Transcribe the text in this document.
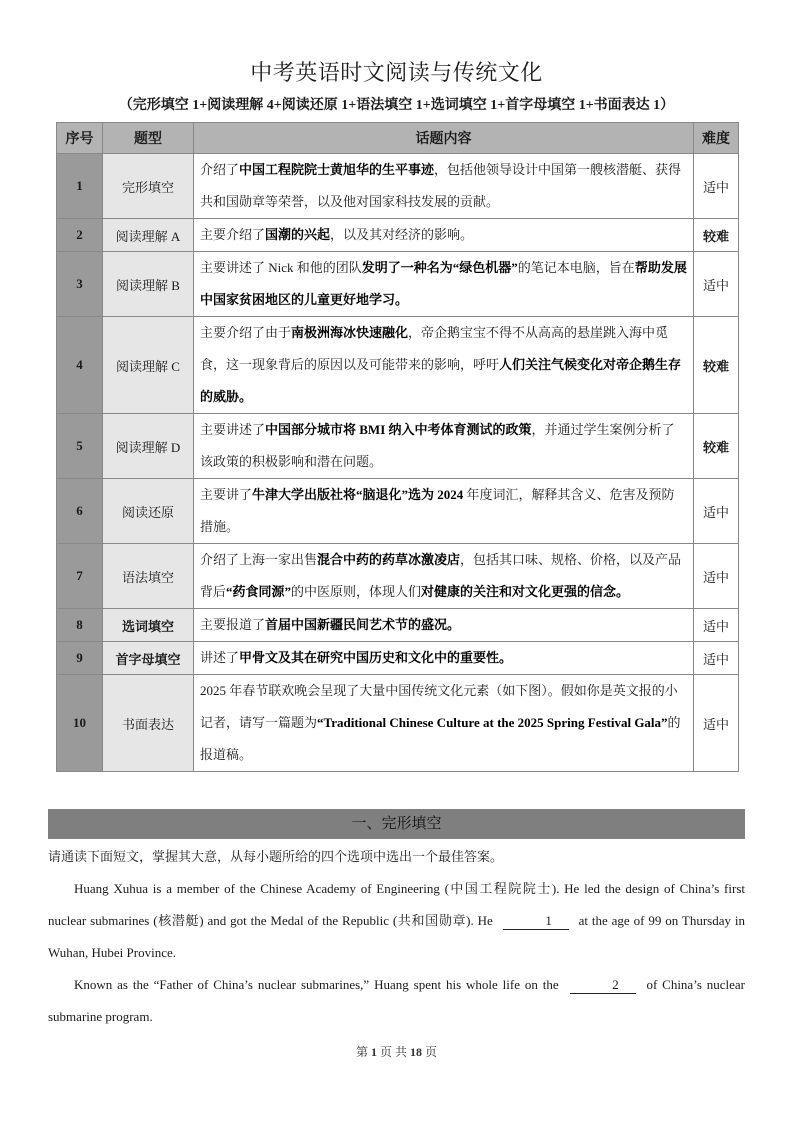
中考英语时文阅读与传统文化
（完形填空 1+阅读理解 4+阅读还原 1+语法填空 1+选词填空 1+首字母填空 1+书面表达 1）
序号	题型	话题内容	难度
1	完形填空	介绍了中国工程院院士黄旭华的生平事迹，包括他领导设计中国第一艘核潜艇、获得共和国勋章等荣誉，以及他对国家科技发展的贡献。	适中
2	阅读理解 A	主要介绍了国潮的兴起，以及其对经济的影响。	较难
3	阅读理解 B	主要讲述了 Nick 和他的团队发明了一种名为“绿色机器”的笔记本电脑，旨在帮助发展中国家贫困地区的儿童更好地学习。	适中
4	阅读理解 C	主要介绍了由于南极洲海冰快速融化，帝企鹅宝宝不得不从高高的悬崖跳入海中觅食，这一现象背后的原因以及可能带来的影响，呼吁人们关注气候变化对帝企鹅生存的威胁。	较难
5	阅读理解 D	主要讲述了中国部分城市将 BMI 纳入中考体育测试的政策，并通过学生案例分析了该政策的积极影响和潜在问题。	较难
6	阅读还原	主要讲了牛津大学出版社将“脑退化”选为 2024 年度词汇，解释其含义、危害及预防措施。	适中
7	语法填空	介绍了上海一家出售混合中药的药草冰激凌店，包括其口味、规格、价格，以及产品背后“药食同源”的中医原则，体现人们对健康的关注和对文化更强的信念。	适中
8	选词填空	主要报道了首届中国新疆民间艺术节的盛况。	适中
9	首字母填空	讲述了甲骨文及其在研究中国历史和文化中的重要性。	适中
10	书面表达	2025 年春节联欢晚会呈现了大量中国传统文化元素（如下图）。假如你是英文报的小记者，请写一篇题为“Traditional Chinese Culture at the 2025 Spring Festival Gala”的报道稿。	适中
一、完形填空
请通读下面短文，掌握其大意，从每小题所给的四个选项中选出一个最佳答案。

Huang Xuhua is a member of the Chinese Academy of Engineering (中国工程院院士). He led the design of China’s first nuclear submarines (核潜艇) and got the Medal of the Republic (共和国勋章). He	1 at the age of 99 on Thursday in Wuhan, Hubei Province.

Known as the “Father of China’s nuclear submarines,” Huang spent his whole life on the	2 of China’s nuclear submarine program.

第 1 页 共 18 页
